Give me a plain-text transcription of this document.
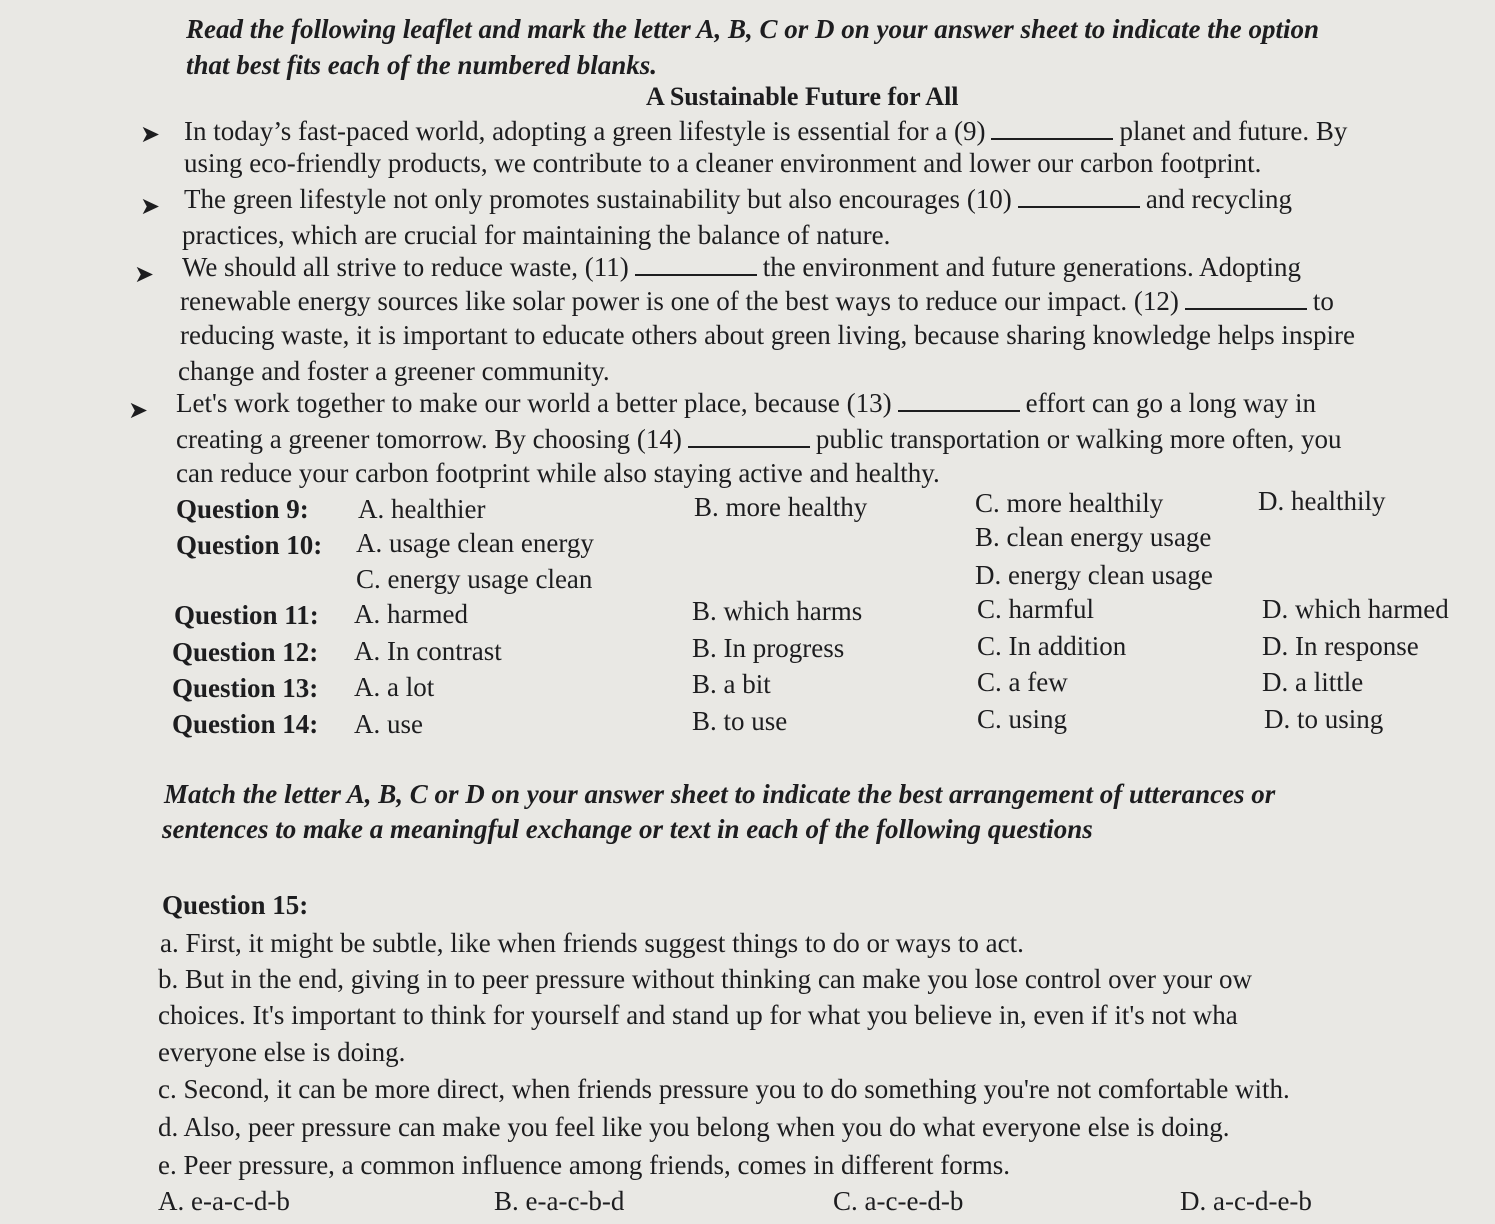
Read the following leaflet and mark the letter A, B, C or D on your answer sheet to indicate the option
that best fits each of the numbered blanks.
A Sustainable Future for All
➤ In today’s fast-paced world, adopting a green lifestyle is essential for a (9)	planet and future. By
using eco-friendly products, we contribute to a cleaner environment and lower our carbon footprint.
➤ The green lifestyle not only promotes sustainability but also encourages (10)	and recycling
practices, which are crucial for maintaining the balance of nature.
➤ We should all strive to reduce waste, (11)	the environment and future generations. Adopting
renewable energy sources like solar power is one of the best ways to reduce our impact. (12)	to
reducing waste, it is important to educate others about green living, because sharing knowledge helps inspire
change and foster a greener community.
➤ Let's work together to make our world a better place, because (13)	effort can go a long way in
creating a greener tomorrow. By choosing (14)	public transportation or walking more often, you
can reduce your carbon footprint while also staying active and healthy.
Question 9: A. healthier	B. more healthy	C. more healthily	D. healthily
Question 10: A. usage clean energy	B. clean energy usage
C. energy usage clean	D. energy clean usage
Question 11: A. harmed	B. which harms	C. harmful	D. which harmed
Question 12: A. In contrast	B. In progress	C. In addition	D. In response
Question 13: A. a lot	B. a bit	C. a few	D. a little
Question 14: A. use	B. to use	C. using	D. to using
Match the letter A, B, C or D on your answer sheet to indicate the best arrangement of utterances or
sentences to make a meaningful exchange or text in each of the following questions
Question 15:
a. First, it might be subtle, like when friends suggest things to do or ways to act.
b. But in the end, giving in to peer pressure without thinking can make you lose control over your ow
choices. It's important to think for yourself and stand up for what you believe in, even if it's not wha
everyone else is doing.
c. Second, it can be more direct, when friends pressure you to do something you're not comfortable with.
d. Also, peer pressure can make you feel like you belong when you do what everyone else is doing.
e. Peer pressure, a common influence among friends, comes in different forms.
A. e-a-c-d-b	B. e-a-c-b-d	C. a-c-e-d-b	D. a-c-d-e-b
